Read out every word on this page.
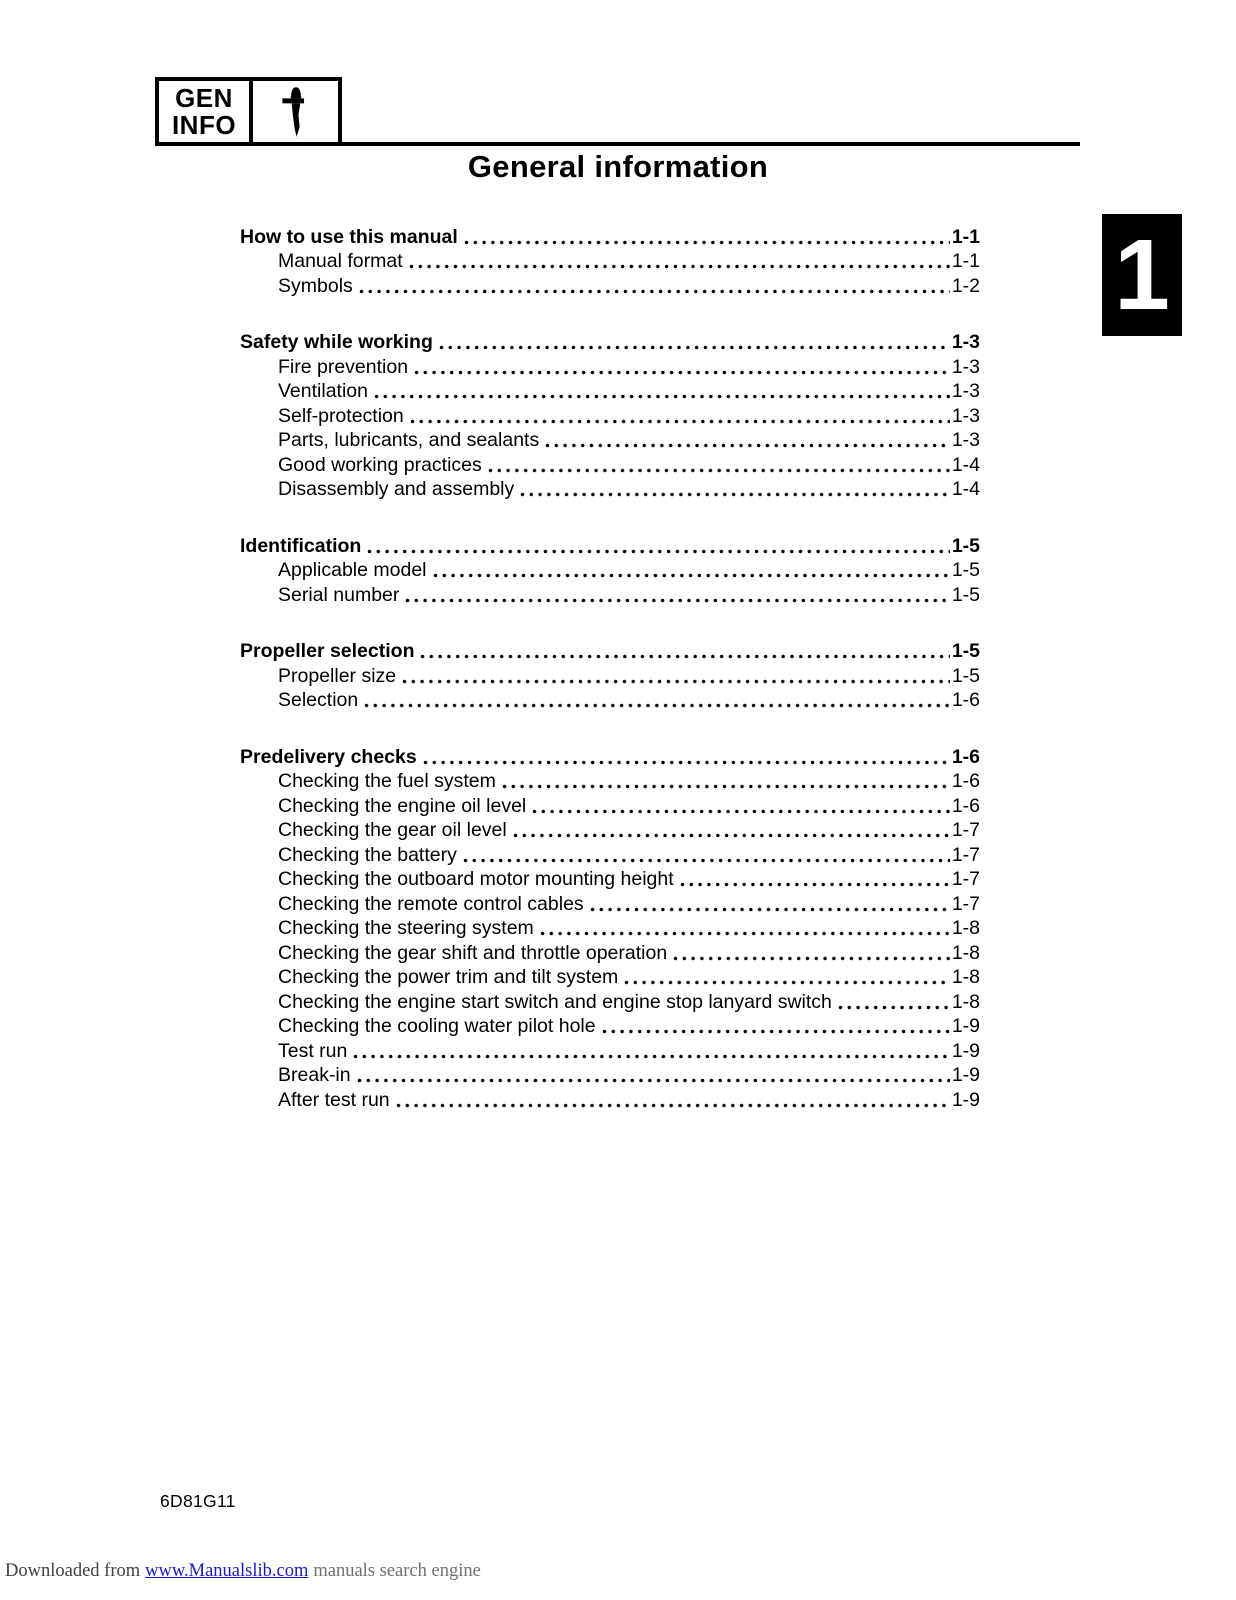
GEN
INFO
General information
1
How to use this manual	1-1
Manual format	1-1
Symbols	1-2
Safety while working	1-3
Fire prevention	1-3
Ventilation	1-3
Self-protection	1-3
Parts, lubricants, and sealants	1-3
Good working practices	1-4
Disassembly and assembly	1-4
Identification	1-5
Applicable model	1-5
Serial number	1-5
Propeller selection	1-5
Propeller size	1-5
Selection	1-6
Predelivery checks	1-6
Checking the fuel system	1-6
Checking the engine oil level	1-6
Checking the gear oil level	1-7
Checking the battery	1-7
Checking the outboard motor mounting height	1-7
Checking the remote control cables	1-7
Checking the steering system	1-8
Checking the gear shift and throttle operation	1-8
Checking the power trim and tilt system	1-8
Checking the engine start switch and engine stop lanyard switch	1-8
Checking the cooling water pilot hole	1-9
Test run	1-9
Break-in	1-9
After test run	1-9
6D81G11
Downloaded from www.Manualslib.com manuals search engine
